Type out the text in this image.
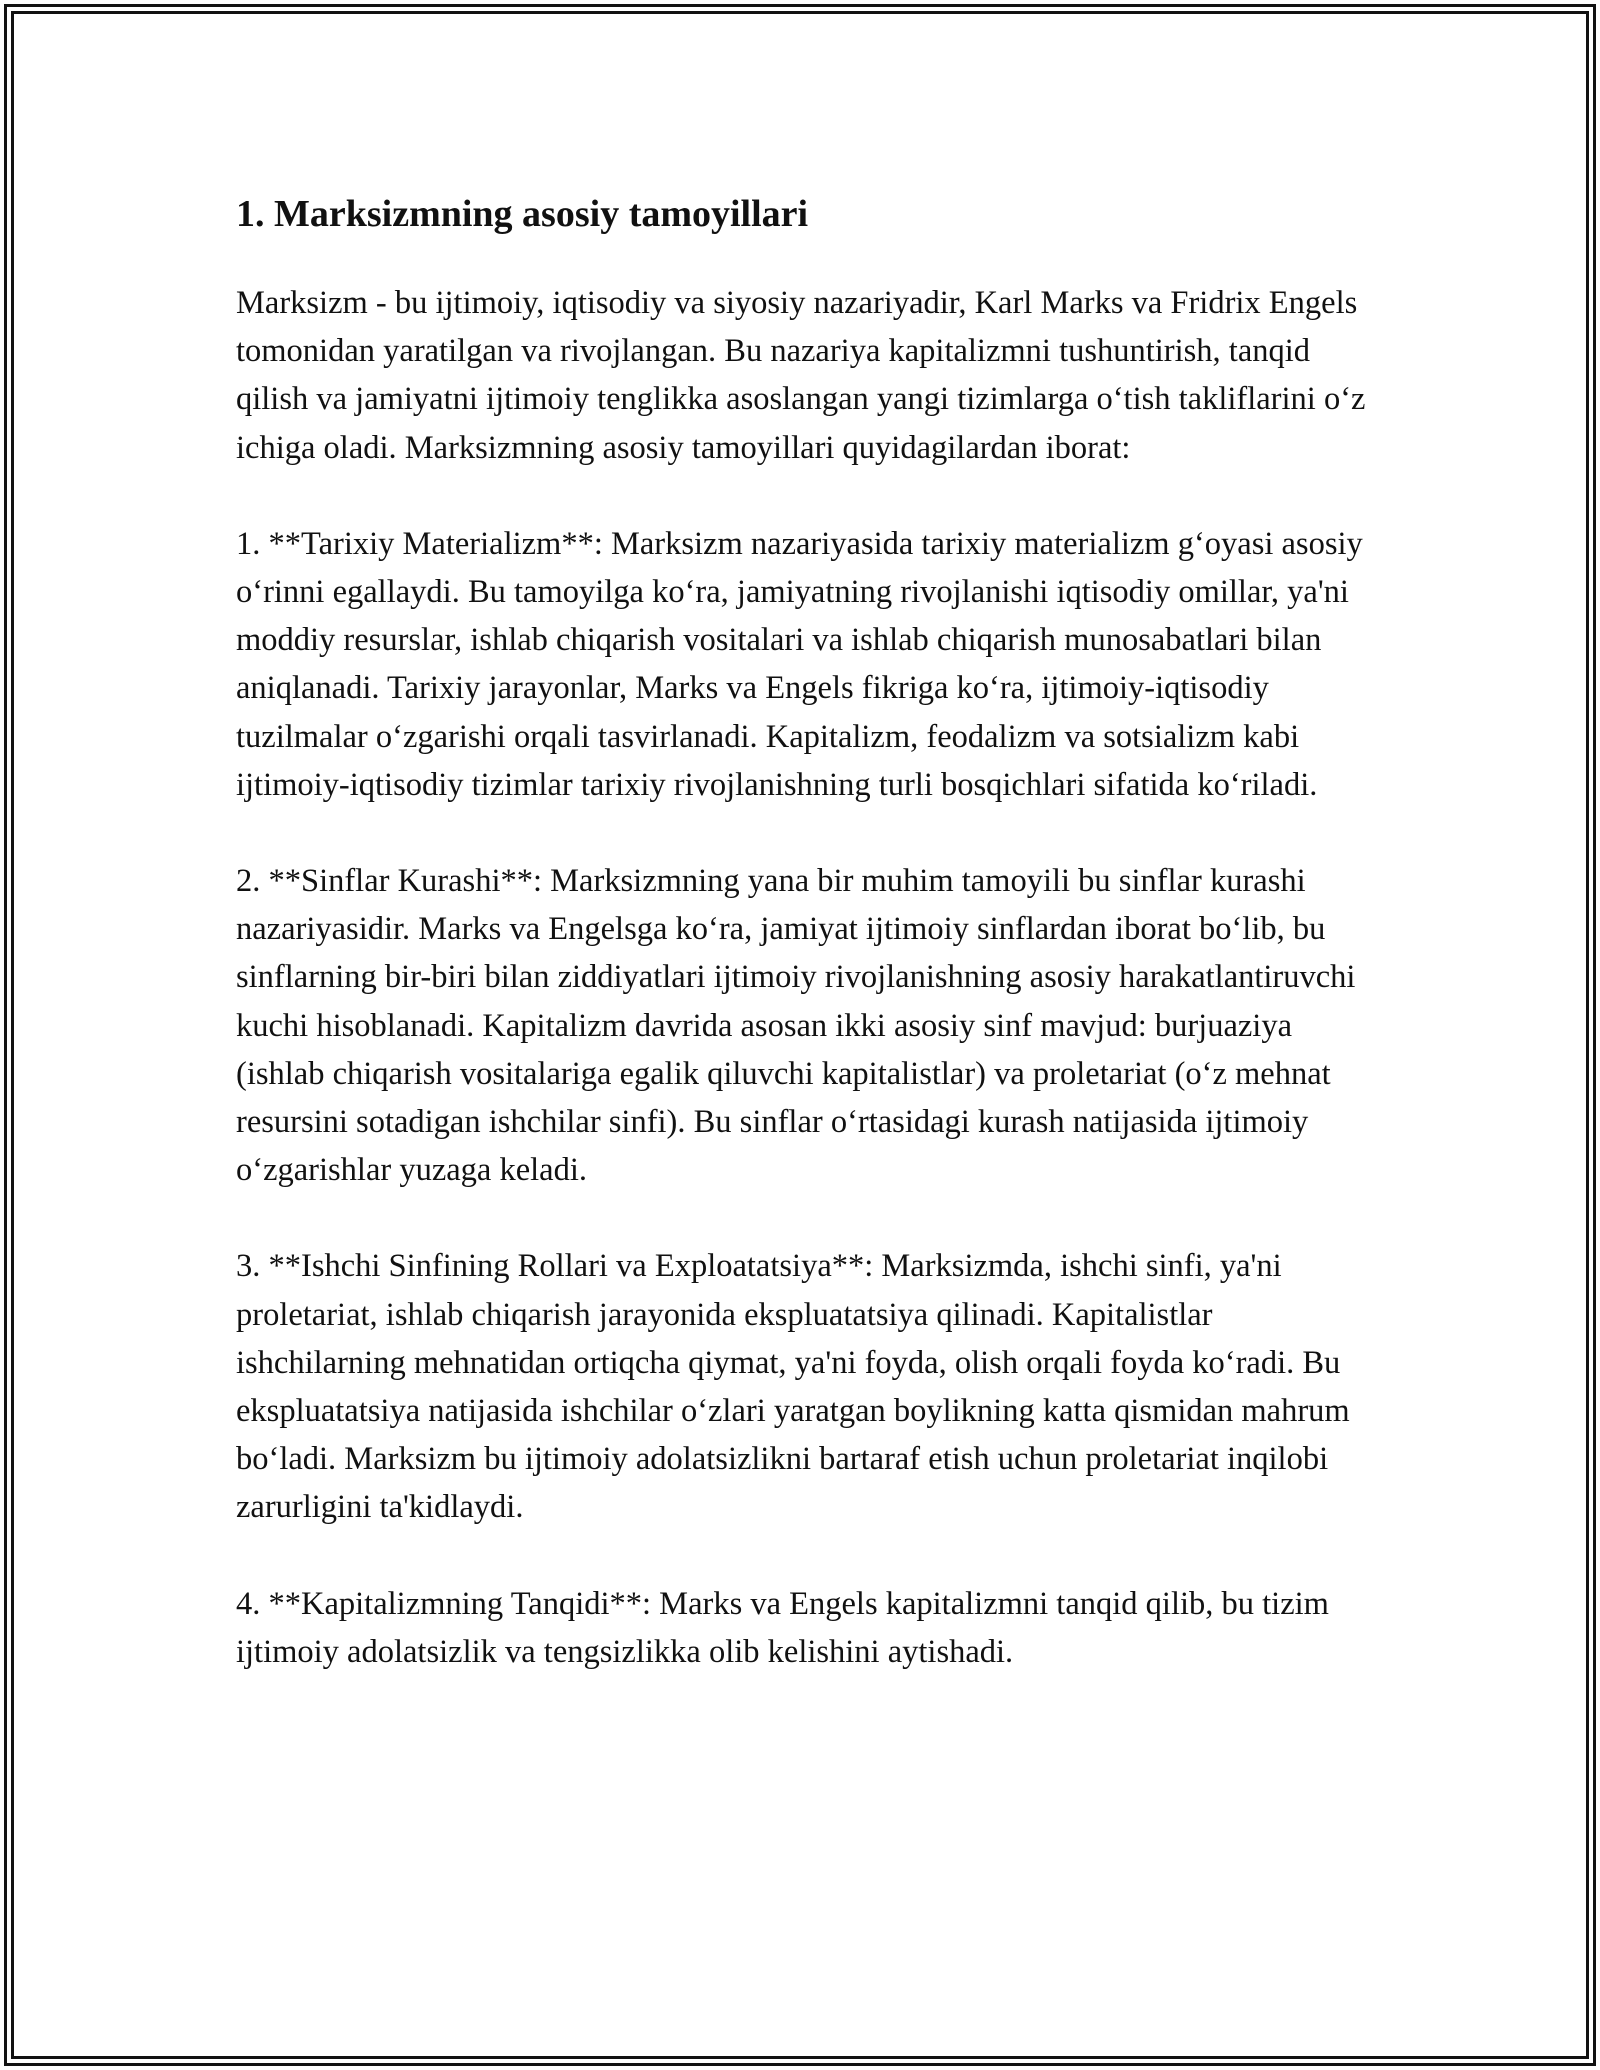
1. Marksizmning asosiy tamoyillari

Marksizm - bu ijtimoiy, iqtisodiy va siyosiy nazariyadir, Karl Marks va Fridrix Engels tomonidan yaratilgan va rivojlangan. Bu nazariya kapitalizmni tushuntirish, tanqid qilish va jamiyatni ijtimoiy tenglikka asoslangan yangi tizimlarga oʻtish takliflarini oʻz ichiga oladi. Marksizmning asosiy tamoyillari quyidagilardan iborat:

1. **Tarixiy Materializm**: Marksizm nazariyasida tarixiy materializm gʻoyasi asosiy oʻrinni egallaydi. Bu tamoyilga koʻra, jamiyatning rivojlanishi iqtisodiy omillar, ya'ni moddiy resurslar, ishlab chiqarish vositalari va ishlab chiqarish munosabatlari bilan aniqlanadi. Tarixiy jarayonlar, Marks va Engels fikriga koʻra, ijtimoiy-iqtisodiy tuzilmalar oʻzgarishi orqali tasvirlanadi. Kapitalizm, feodalizm va sotsializm kabi ijtimoiy-iqtisodiy tizimlar tarixiy rivojlanishning turli bosqichlari sifatida koʻriladi.

2. **Sinflar Kurashi**: Marksizmning yana bir muhim tamoyili bu sinflar kurashi nazariyasidir. Marks va Engelsga koʻra, jamiyat ijtimoiy sinflardan iborat boʻlib, bu sinflarning bir-biri bilan ziddiyatlari ijtimoiy rivojlanishning asosiy harakatlantiruvchi kuchi hisoblanadi. Kapitalizm davrida asosan ikki asosiy sinf mavjud: burjuaziya (ishlab chiqarish vositalariga egalik qiluvchi kapitalistlar) va proletariat (oʻz mehnat resursini sotadigan ishchilar sinfi). Bu sinflar oʻrtasidagi kurash natijasida ijtimoiy oʻzgarishlar yuzaga keladi.

3. **Ishchi Sinfining Rollari va Exploatatsiya**: Marksizmda, ishchi sinfi, ya'ni proletariat, ishlab chiqarish jarayonida ekspluatatsiya qilinadi. Kapitalistlar ishchilarning mehnatidan ortiqcha qiymat, ya'ni foyda, olish orqali foyda koʻradi. Bu ekspluatatsiya natijasida ishchilar oʻzlari yaratgan boylikning katta qismidan mahrum boʻladi. Marksizm bu ijtimoiy adolatsizlikni bartaraf etish uchun proletariat inqilobi zarurligini ta'kidlaydi.

4. **Kapitalizmning Tanqidi**: Marks va Engels kapitalizmni tanqid qilib, bu tizim ijtimoiy adolatsizlik va tengsizlikka olib kelishini aytishadi.
